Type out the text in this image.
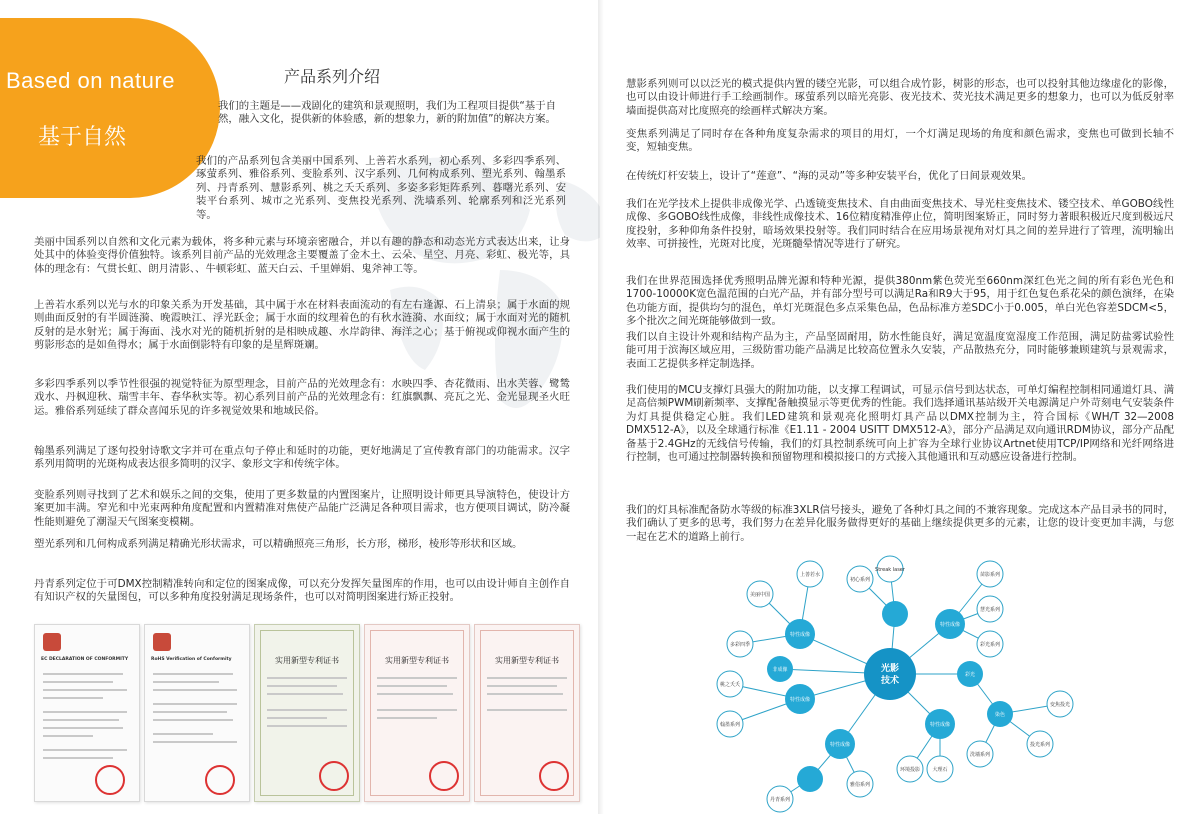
Based on nature
基于自然
产品系列介绍

我们的主题是——戏剧化的建筑和景观照明，我们为工程项目提供“基于自然，融入文化，提供新的体验感，新的想象力，新的附加值”的解决方案。

我们的产品系列包含美丽中国系列、上善若水系列，初心系列、多彩四季系列、琢萤系列、雅俗系列、变脸系列、汉字系列、几何构成系列、塑光系列、翰墨系列、丹青系列、慧影系列、桃之夭夭系列、多姿多彩矩阵系列、暮曙光系列、安装平台系列、城市之光系列、变焦投光系列、洗墙系列、轮廓系列和泛光系列等。

美丽中国系列以自然和文化元素为载体，将多种元素与环境亲密融合，并以有趣的静态和动态光方式表达出来，让身处其中的体验变得价值独特。该系列目前产品的光效理念主要覆盖了金木土、云朵、星空、月亮、彩虹、极光等，具体的理念有：气贯长虹、朗月清影、、牛顿彩虹、蓝天白云、千里婵娟、鬼斧神工等。

上善若水系列以光与水的印象关系为开发基础，其中属于水在材料表面流动的有左右逢源、石上清泉；属于水面的规则曲面反射的有半圆涟漪、晚霞映江、浮光跃金；属于水面的纹理着色的有秋水涟漪、水面纹；属于水面对光的随机反射的是水射光；属于海面、浅水对光的随机折射的是相映成趣、水岸韵律、海洋之心；基于俯视或仰视水面产生的剪影形态的是如鱼得水；属于水面倒影特有印象的是星辉斑斓。

多彩四季系列以季节性很强的视觉特征为原型理念，目前产品的光效理念有：水映四季、杏花微雨、出水芙蓉、鹭鸶戏水、丹枫迎秋、瑞雪丰年、春华秋实等。初心系列目前产品的光效理念有：红旗飘飘、亮瓦之光、金光显现圣火旺运。雅俗系列延续了群众喜闻乐见的许多视觉效果和地域民俗。

翰墨系列满足了逐句投射诗歌文字并可在重点句子停止和延时的功能，更好地满足了宣传教育部门的功能需求。汉字系列用简明的光斑构成表达很多简明的汉字、象形文字和传统字体。

变脸系列则寻找到了艺术和娱乐之间的交集，使用了更多数量的内置图案片，让照明设计师更具导演特色，使设计方案更加丰满。窄光和中光束两种角度配置和内置精准对焦使产品能广泛满足各种项目需求，也方便项目调试，防冷凝性能则避免了潮湿天气图案变模糊。

塑光系列和几何构成系列满足精确光形状需求，可以精确照亮三角形，长方形，梯形，棱形等形状和区域。

丹青系列定位于可DMX控制精准转向和定位的图案成像，可以充分发挥矢量图库的作用，也可以由设计师自主创作自有知识产权的矢量图包，可以多种角度投射满足现场条件，也可以对简明图案进行矫正投射。

EC DECLARATION OF CONFORMITY	RoHS Verification of Conformity	实用新型专利证书	实用新型专利证书	实用新型专利证书

慧影系列则可以以泛光的模式提供内置的镂空光影，可以组合成竹影，树影的形态，也可以投射其他边缘虚化的影像，也可以由设计师进行手工绘画制作。琢萤系列以暗光亮影、夜光技术、荧光技术满足更多的想象力，也可以为低反射率墙面提供高对比度照亮的绘画样式解决方案。

变焦系列满足了同时存在各种角度复杂需求的项目的用灯，一个灯满足现场的角度和颜色需求，变焦也可做到长轴不变，短轴变焦。

在传统灯杆安装上，设计了“莲意”、“海的灵动”等多种安装平台，优化了日间景观效果。

我们在光学技术上提供非成像光学、凸透镜变焦技术、自由曲面变焦技术、导光柱变焦技术、镂空技术、单GOBO线性成像、多GOBO线性成像，非线性成像技术、16位精度精准停止位，简明图案矫正，同时努力著眼积极近尺度到极远尺度投射，多种仰角条件投射，暗场效果投射等。我们同时结合在应用场景视角对灯具之间的差异进行了管理，流明输出效率、可拼接性，光斑对比度，光斑髓晕情况等进行了研究。

我们在世界范围选择优秀照明品牌光源和特种光源，提供380nm紫色荧光至660nm深红色光之间的所有彩色光色和1700-10000K宽色温范围的白光产品，并有部分型号可以满足Ra和R9大于95，用于红色复色系花朵的颜色演绎，在染色功能方面，提供均匀的混色，单灯光斑混色多点采集色品，色品标准方差SDC小于0.005，单白光色容差SDCM<5，多个批次之间光斑能够做到一致。

我们以自主设计外观和结构产品为主，产品坚固耐用，防水性能良好，满足宽温度宽湿度工作范围，满足防盐雾试验性能可用于滨海区域应用，三级防雷功能产品满足比较高位置永久安装，产品散热充分，同时能够兼顾建筑与景观需求，表面工艺提供多样定制选择。

我们使用的MCU支撑灯具强大的附加功能，以支撑工程调试，可显示信号到达状态，可单灯编程控制相同通道灯具、满足高倍频PWM刷新频率、支撑配备触摸显示等更优秀的性能。我们选择通讯基站级开关电源满足户外苛刻电气安装条件为灯具提供稳定心脏。我们LED建筑和景观亮化照明灯具产品以DMX控制为主，符合国标《WH/T 32—2008 DMX512-A》，以及全球通行标准《E1.11 - 2004 USITT DMX512-A》，部分产品满足双向通讯RDM协议，部分产品配备基于2.4GHz的无线信号传输，我们的灯具控制系统可向上扩容为全球行业协议Artnet使用TCP/IP网络和光纤网络进行控制，也可通过控制器转换和预留物理和模拟接口的方式接入其他通讯和互动感应设备进行控制。

我们的灯具标准配备防水等级的标准3XLR信号接头，避免了各种灯具之间的不兼容现象。完成这本产品目录书的同时，我们确认了更多的思考，我们努力在差异化服务做得更好的基础上继续提供更多的元素，让您的设计变更加丰满，与您一起在艺术的道路上前行。

光影
技术
特性成像
特性成像
彩光
特性成像
特性成像
特性成像
非成像
染色
美丽中国
上善若水
初心系列
Streak laser
苗影系列
慧光系列
彩光系列
多彩四季
桃之夭夭
翰墨系列
变焦投光
洗墙系列
投光系列
大理石
环境投影
雅俗系列
丹青系列
